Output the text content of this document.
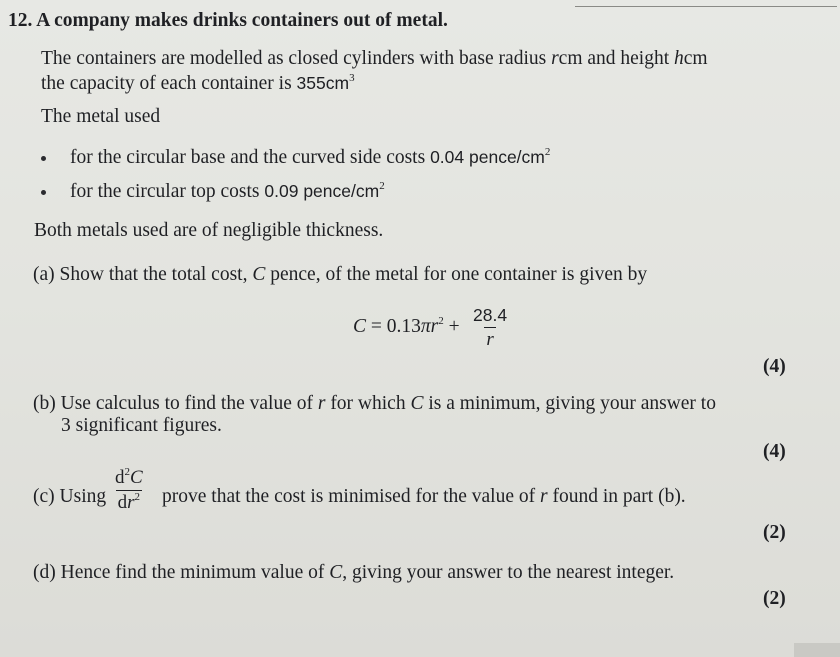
12. A company makes drinks containers out of metal.
The containers are modelled as closed cylinders with base radius rcm and height hcm
the capacity of each container is $355cm^3$
The metal used
for the circular base and the curved side costs 0.04 pence/$cm^2$
for the circular top costs 0.09 pence/$cm^2$
Both metals used are of negligible thickness.
(a) Show that the total cost, C pence, of the metal for one container is given by
$C = 0.13\pi r^2 + \frac{28.4}{r}$
(4)
(b) Use calculus to find the value of r for which C is a minimum, giving your answer to
3 significant figures.
(4)
(c) Using $\frac{d^2C}{dr^2}$ prove that the cost is minimised for the value of r found in part (b).
(2)
(d) Hence find the minimum value of C, giving your answer to the nearest integer.
(2)
